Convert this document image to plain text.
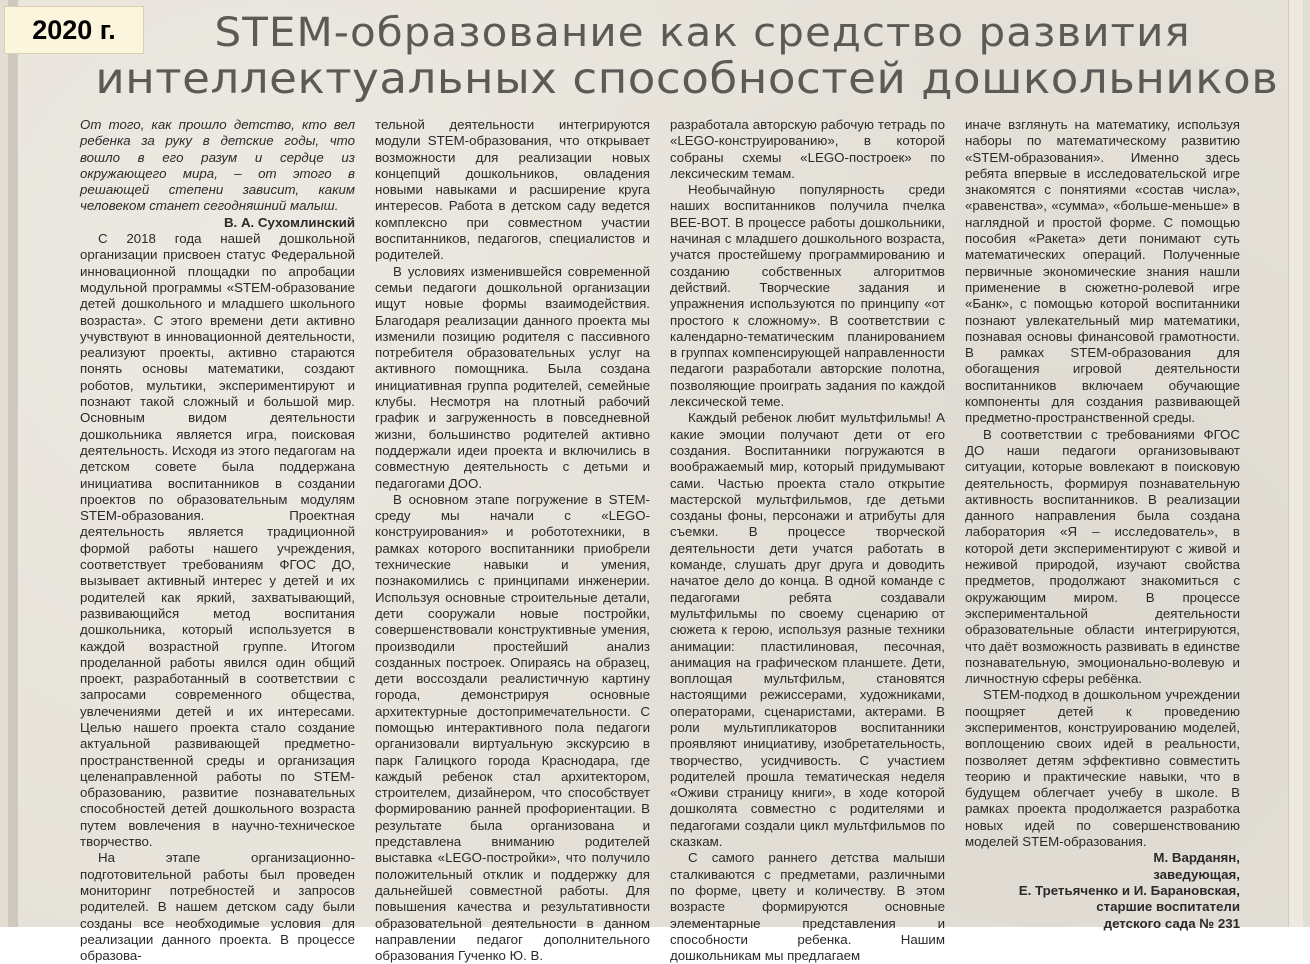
2020 г.	STEM-образование как средство развития
интеллектуальных способностей дошкольников

От того, как прошло детство, кто вел ребенка за руку в детские годы, что вошло в его разум и сердце из окружающего мира, – от этого в решающей степени зависит, каким человеком станет сегодняшний малыш.

В. А. Сухомлинский

С 2018 года нашей дошкольной организации присвоен статус Федеральной инновационной площадки по апробации модульной программы «STEM-образование детей дошкольного и младшего школьного возраста». С этого времени дети активно учувствуют в инновационной деятельности, реализуют проекты, активно стараются понять основы математики, создают роботов, мультики, экспериментируют и познают такой сложный и большой мир. Основным видом деятельности дошкольника является игра, поисковая деятельность. Исходя из этого педагогам на детском совете была поддержана инициатива воспитанников в создании проектов по образовательным модулям STEM-образования. Проектная деятельность является традиционной формой работы нашего учреждения, соответствует требованиям ФГОС ДО, вызывает активный интерес у детей и их родителей как яркий, захватывающий, развивающийся метод воспитания дошкольника, который используется в каждой возрастной группе. Итогом проделанной работы явился один общий проект, разработанный в соответствии с запросами современного общества, увлечениями детей и их интересами. Целью нашего проекта стало создание актуальной развивающей предметно-пространственной среды и организация целенаправленной работы по STEM-образованию, развитие познавательных способностей детей дошкольного возраста путем вовлечения в научно-техническое творчество.

На этапе организационно-подготовительной работы был проведен мониторинг потребностей и запросов родителей. В нашем детском саду были созданы все необходимые условия для реализации данного проекта. В процессе образова-

тельной деятельности интегрируются модули STEM-образования, что открывает возможности для реализации новых концепций дошкольников, овладения новыми навыками и расширение круга интересов. Работа в детском саду ведется комплексно при совместном участии воспитанников, педагогов, специалистов и родителей.

В условиях изменившейся современной семьи педагоги дошкольной организации ищут новые формы взаимодействия. Благодаря реализации данного проекта мы изменили позицию родителя с пассивного потребителя образовательных услуг на активного помощника. Была создана инициативная группа родителей, семейные клубы. Несмотря на плотный рабочий график и загруженность в повседневной жизни, большинство родителей активно поддержали идеи проекта и включились в совместную деятельность с детьми и педагогами ДОО.

В основном этапе погружение в STEM-среду мы начали с «LEGO-конструирования» и робототехники, в рамках которого воспитанники приобрели технические навыки и умения, познакомились с принципами инженерии. Используя основные строительные детали, дети сооружали новые постройки, совершенствовали конструктивные умения, производили простейший анализ созданных построек. Опираясь на образец, дети воссоздали реалистичную картину города, демонстрируя основные архитектурные достопримечательности. С помощью интерактивного пола педагоги организовали виртуальную экскурсию в парк Галицкого города Краснодара, где каждый ребенок стал архитектором, строителем, дизайнером, что способствует формированию ранней профориентации. В результате была организована и представлена вниманию родителей выставка «LEGO-постройки», что получило положительный отклик и поддержку для дальнейшей совместной работы. Для повышения качества и результативности образовательной деятельности в данном направлении педагог дополнительного образования Гученко Ю. В.

разработала авторскую рабочую тетрадь по «LEGO-конструированию», в которой собраны схемы «LEGO-построек» по лексическим темам.

Необычайную популярность среди наших воспитанников получила пчелка BEE-BOT. В процессе работы дошкольники, начиная с младшего дошкольного возраста, учатся простейшему программированию и созданию собственных алгоритмов действий. Творческие задания и упражнения используются по принципу «от простого к сложному». В соответствии с календарно-тематическим планированием в группах компенсирующей направленности педагоги разработали авторские полотна, позволяющие проиграть задания по каждой лексической теме.

Каждый ребенок любит мультфильмы! А какие эмоции получают дети от его создания. Воспитанники погружаются в воображаемый мир, который придумывают сами. Частью проекта стало открытие мастерской мультфильмов, где детьми созданы фоны, персонажи и атрибуты для съемки. В процессе творческой деятельности дети учатся работать в команде, слушать друг друга и доводить начатое дело до конца. В одной команде с педагогами ребята создавали мультфильмы по своему сценарию от сюжета к герою, используя разные техники анимации: пластилиновая, песочная, анимация на графическом планшете. Дети, воплощая мультфильм, становятся настоящими режиссерами, художниками, операторами, сценаристами, актерами. В роли мультипликаторов воспитанники проявляют инициативу, изобретательность, творчество, усидчивость. С участием родителей прошла тематическая неделя «Оживи страницу книги», в ходе которой дошколята совместно с родителями и педагогами создали цикл мультфильмов по сказкам.

С самого раннего детства малыши сталкиваются с предметами, различными по форме, цвету и количеству. В этом возрасте формируются основные элементарные представления и способности ребенка. Нашим дошкольникам мы предлагаем

иначе взглянуть на математику, используя наборы по математическому развитию «STEM-образования». Именно здесь ребята впервые в исследовательской игре знакомятся с понятиями «состав числа», «равенства», «сумма», «больше-меньше» в наглядной и простой форме. С помощью пособия «Ракета» дети понимают суть математических операций. Полученные первичные экономические знания нашли применение в сюжетно-ролевой игре «Банк», с помощью которой воспитанники познают увлекательный мир математики, познавая основы финансовой грамотности. В рамках STEM-образования для обогащения игровой деятельности воспитанников включаем обучающие компоненты для создания развивающей предметно-пространственной среды.

В соответствии с требованиями ФГОС ДО наши педагоги организовывают ситуации, которые вовлекают в поисковую деятельность, формируя познавательную активность воспитанников. В реализации данного направления была создана лаборатория «Я – исследователь», в которой дети экспериментируют с живой и неживой природой, изучают свойства предметов, продолжают знакомиться с окружающим миром. В процессе экспериментальной деятельности образовательные области интегрируются, что даёт возможность развивать в единстве познавательную, эмоционально-волевую и личностную сферы ребёнка.

STEM-подход в дошкольном учреждении поощряет детей к проведению экспериментов, конструированию моделей, воплощению своих идей в реальности, позволяет детям эффективно совместить теорию и практические навыки, что в будущем облегчает учебу в школе. В рамках проекта продолжается разработка новых идей по совершенствованию моделей STEM-образования.

М. Варданян,
заведующая,
Е. Третьяченко и И. Барановская,
старшие воспитатели
детского сада № 231
